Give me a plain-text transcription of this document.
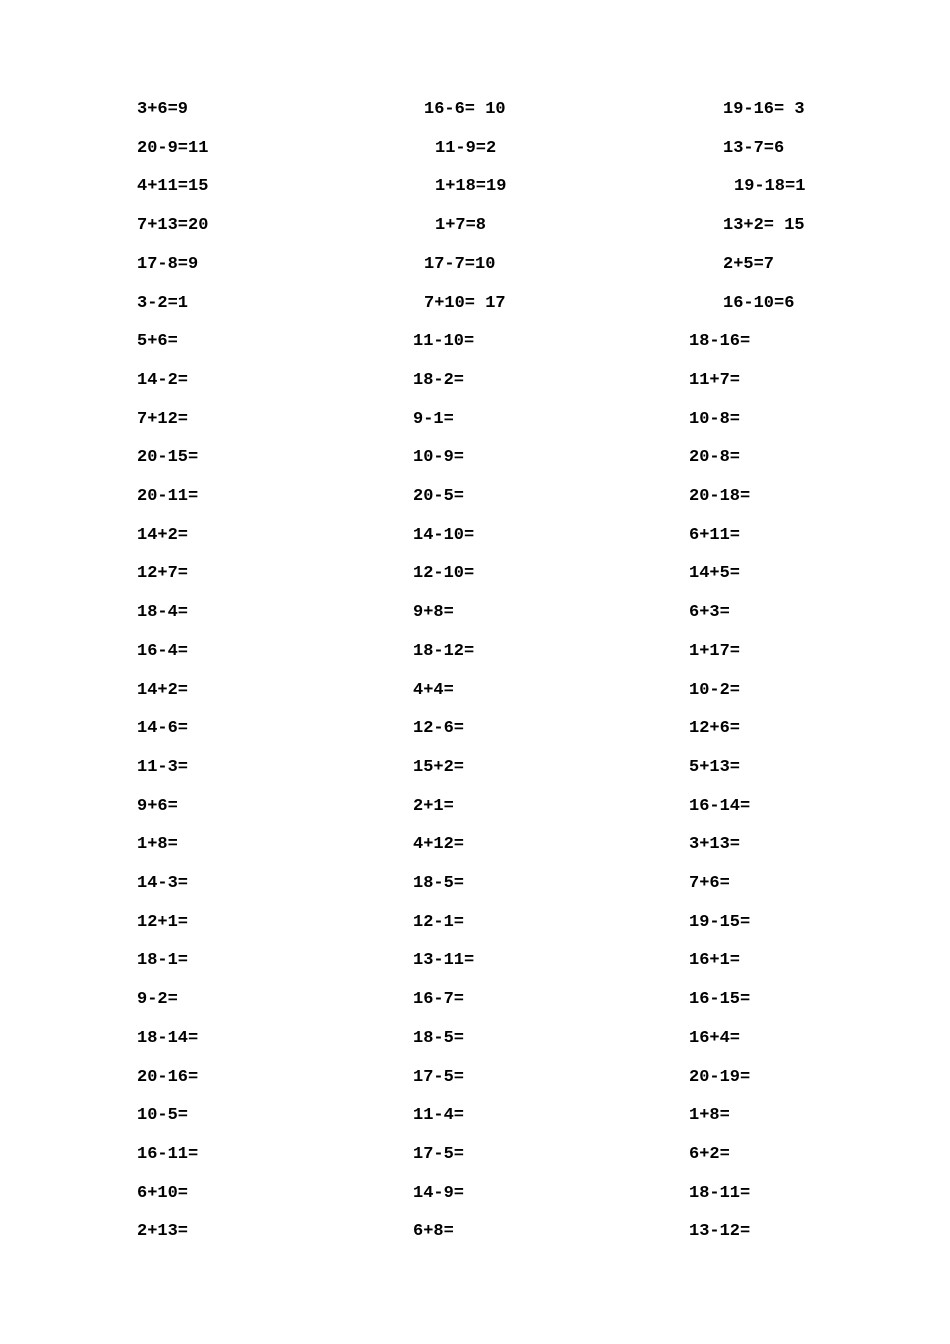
3+6=9	16-6= 10	19-16= 3
20-9=11	11-9=2	13-7=6
4+11=15	1+18=19	19-18=1
7+13=20	1+7=8	13+2= 15
17-8=9	17-7=10	2+5=7
3-2=1	7+10= 17	16-10=6
5+6=	11-10=	18-16=
14-2=	18-2=	11+7=
7+12=	9-1=	10-8=
20-15=	10-9=	20-8=
20-11=	20-5=	20-18=
14+2=	14-10=	6+11=
12+7=	12-10=	14+5=
18-4=	9+8=	6+3=
16-4=	18-12=	1+17=
14+2=	4+4=	10-2=
14-6=	12-6=	12+6=
11-3=	15+2=	5+13=
9+6=	2+1=	16-14=
1+8=	4+12=	3+13=
14-3=	18-5=	7+6=
12+1=	12-1=	19-15=
18-1=	13-11=	16+1=
9-2=	16-7=	16-15=
18-14=	18-5=	16+4=
20-16=	17-5=	20-19=
10-5=	11-4=	1+8=
16-11=	17-5=	6+2=
6+10=	14-9=	18-11=
2+13=	6+8=	13-12=
